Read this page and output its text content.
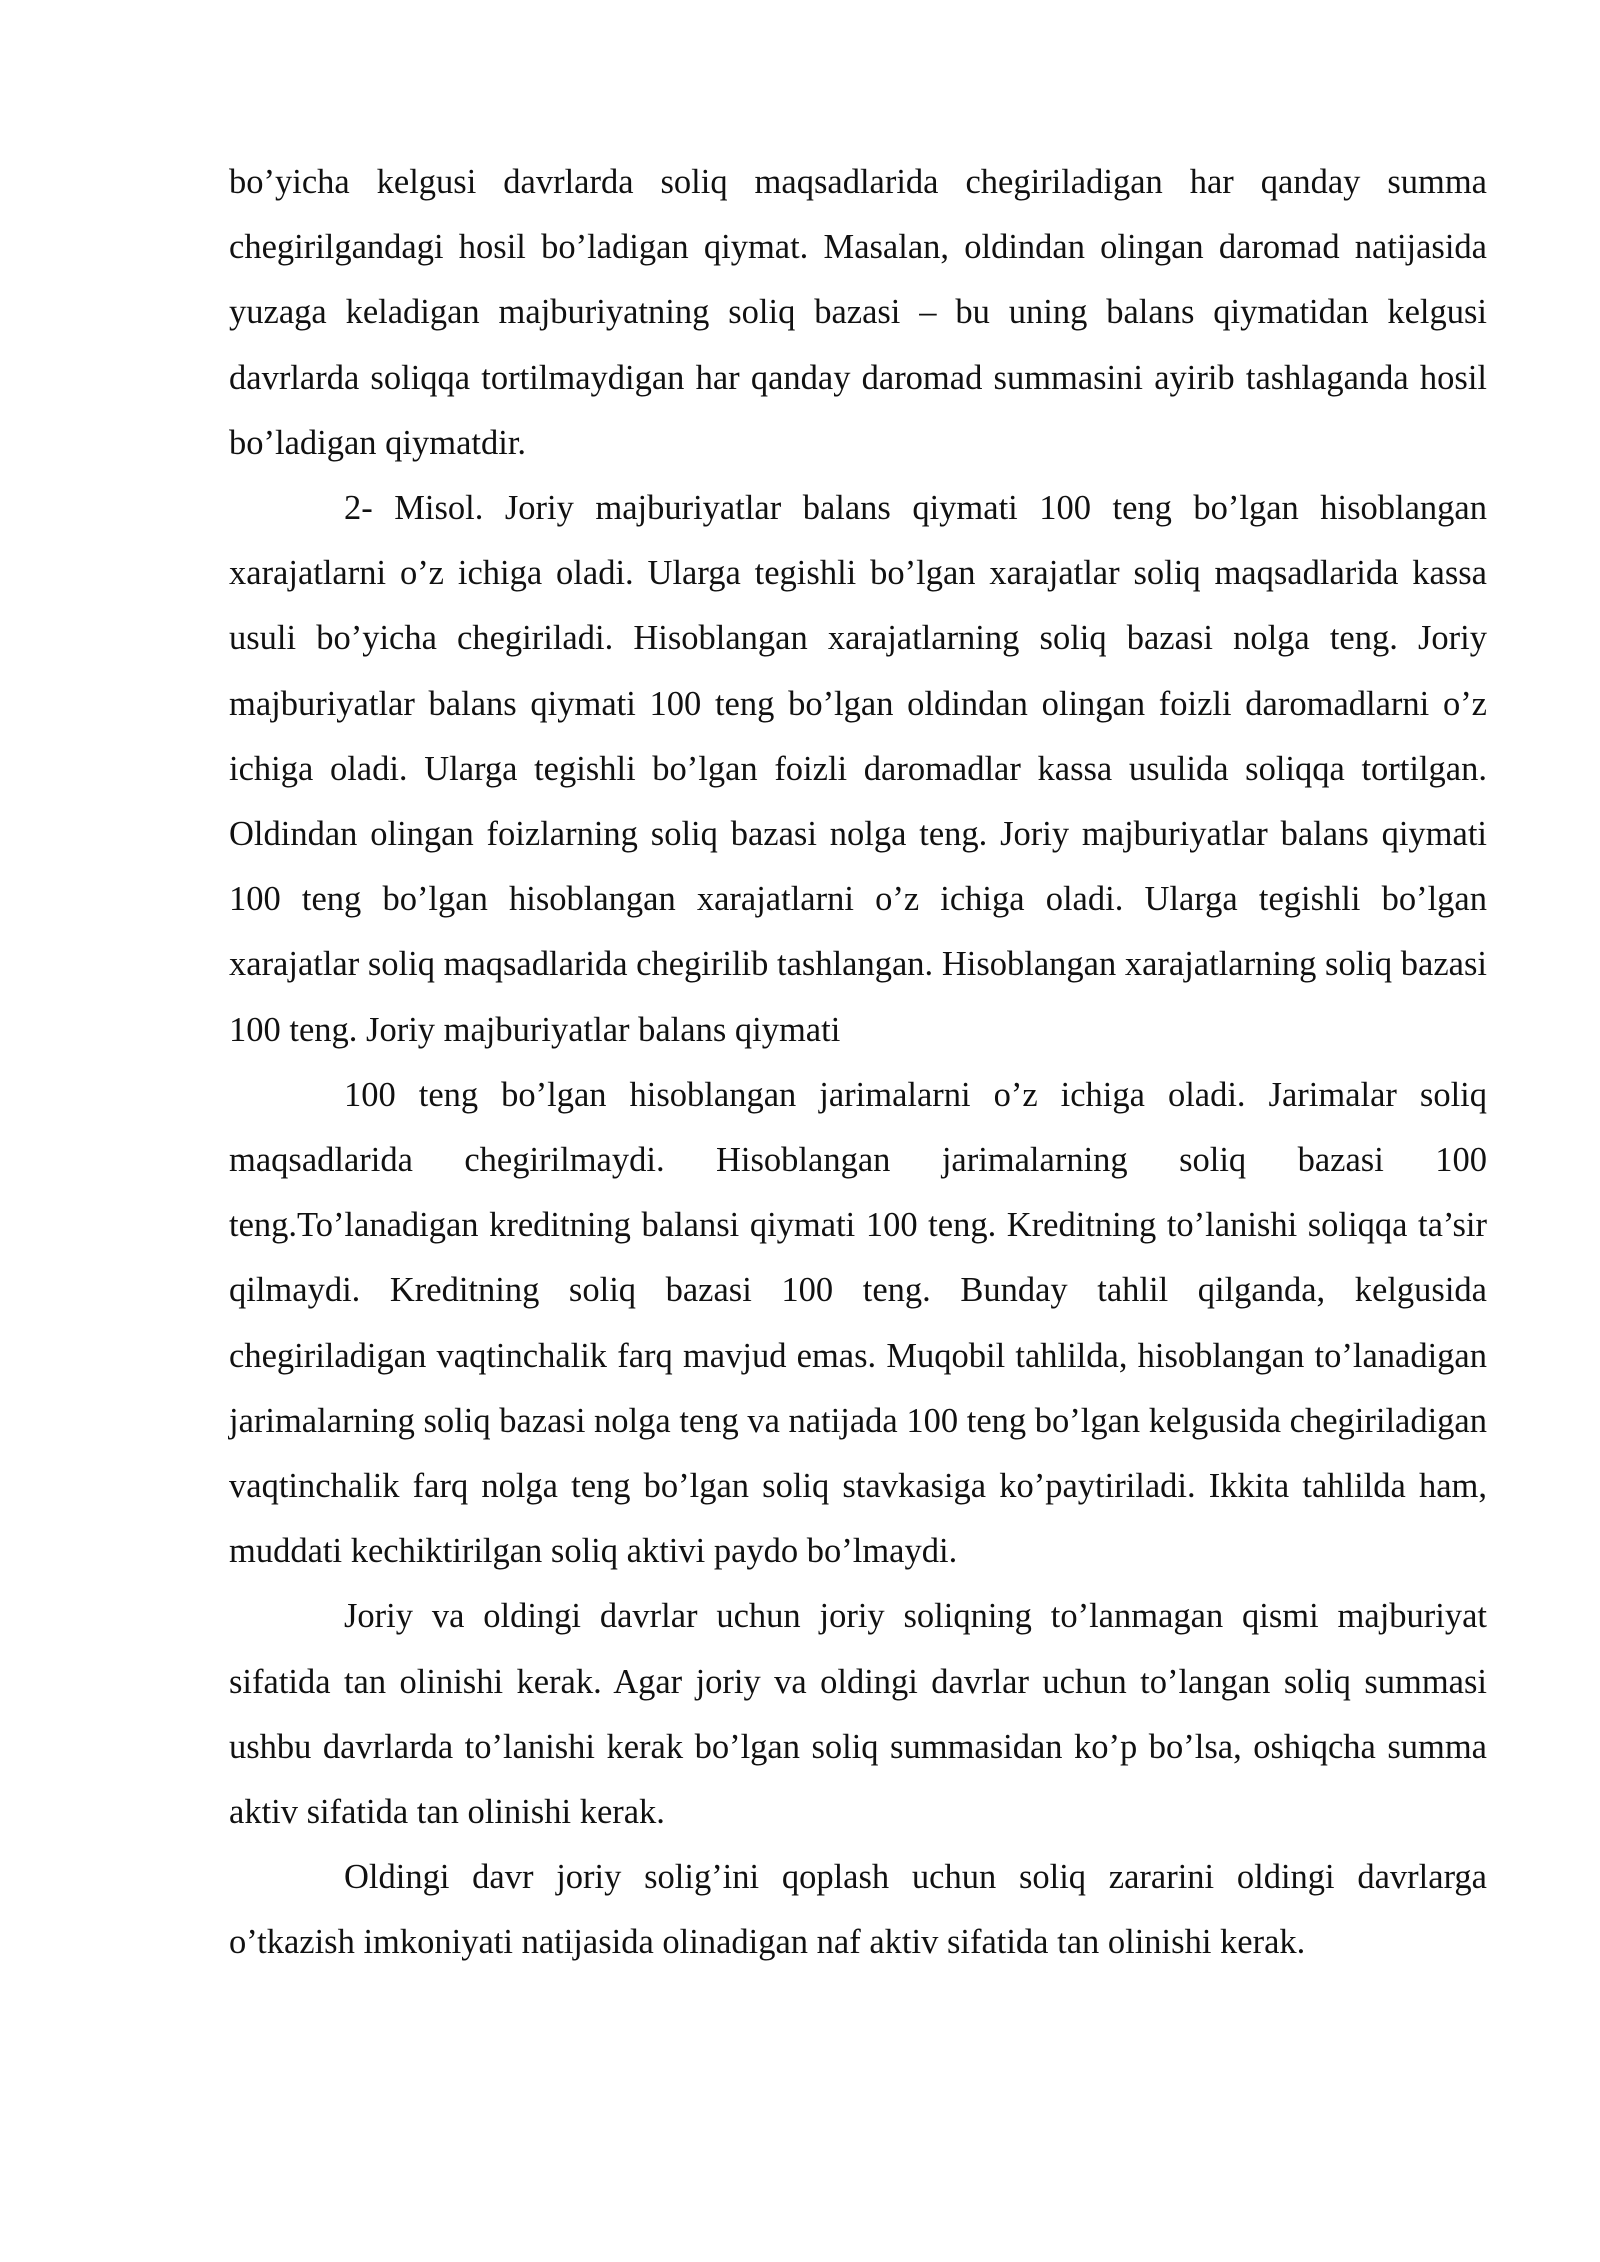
bo’yicha kelgusi davrlarda soliq maqsadlarida chegiriladigan har qanday summa chegirilgandagi hosil bo’ladigan qiymat. Masalan, oldindan olingan daromad natijasida yuzaga keladigan majburiyatning soliq bazasi – bu uning balans qiymatidan kelgusi davrlarda soliqqa tortilmaydigan har qanday daromad summasini ayirib tashlaganda hosil bo’ladigan qiymatdir.

2- Misol. Joriy majburiyatlar balans qiymati 100 teng bo’lgan hisoblangan xarajatlarni o’z ichiga oladi. Ularga tegishli bo’lgan xarajatlar soliq maqsadlarida kassa usuli bo’yicha chegiriladi. Hisoblangan xarajatlarning soliq bazasi nolga teng. Joriy majburiyatlar balans qiymati 100 teng bo’lgan oldindan olingan foizli daromadlarni o’z ichiga oladi. Ularga tegishli bo’lgan foizli daromadlar kassa usulida soliqqa tortilgan. Oldindan olingan foizlarning soliq bazasi nolga teng. Joriy majburiyatlar balans qiymati 100 teng bo’lgan hisoblangan xarajatlarni o’z ichiga oladi. Ularga tegishli bo’lgan xarajatlar soliq maqsadlarida chegirilib tashlangan. Hisoblangan xarajatlarning soliq bazasi 100 teng. Joriy majburiyatlar balans qiymati

100 teng bo’lgan hisoblangan jarimalarni o’z ichiga oladi. Jarimalar soliq maqsadlarida chegirilmaydi. Hisoblangan jarimalarning soliq bazasi 100 teng.To’lanadigan kreditning balansi qiymati 100 teng. Kreditning to’lanishi soliqqa ta’sir qilmaydi. Kreditning soliq bazasi 100 teng. Bunday tahlil qilganda, kelgusida chegiriladigan vaqtinchalik farq mavjud emas. Muqobil tahlilda, hisoblangan to’lanadigan jarimalarning soliq bazasi nolga teng va natijada 100 teng bo’lgan kelgusida chegiriladigan vaqtinchalik farq nolga teng bo’lgan soliq stavkasiga ko’paytiriladi. Ikkita tahlilda ham, muddati kechiktirilgan soliq aktivi paydo bo’lmaydi.

Joriy va oldingi davrlar uchun joriy soliqning to’lanmagan qismi majburiyat sifatida tan olinishi kerak. Agar joriy va oldingi davrlar uchun to’langan soliq summasi ushbu davrlarda to’lanishi kerak bo’lgan soliq summasidan ko’p bo’lsa, oshiqcha summa aktiv sifatida tan olinishi kerak.

Oldingi davr joriy solig’ini qoplash uchun soliq zararini oldingi davrlarga o’tkazish imkoniyati natijasida olinadigan naf aktiv sifatida tan olinishi kerak.
